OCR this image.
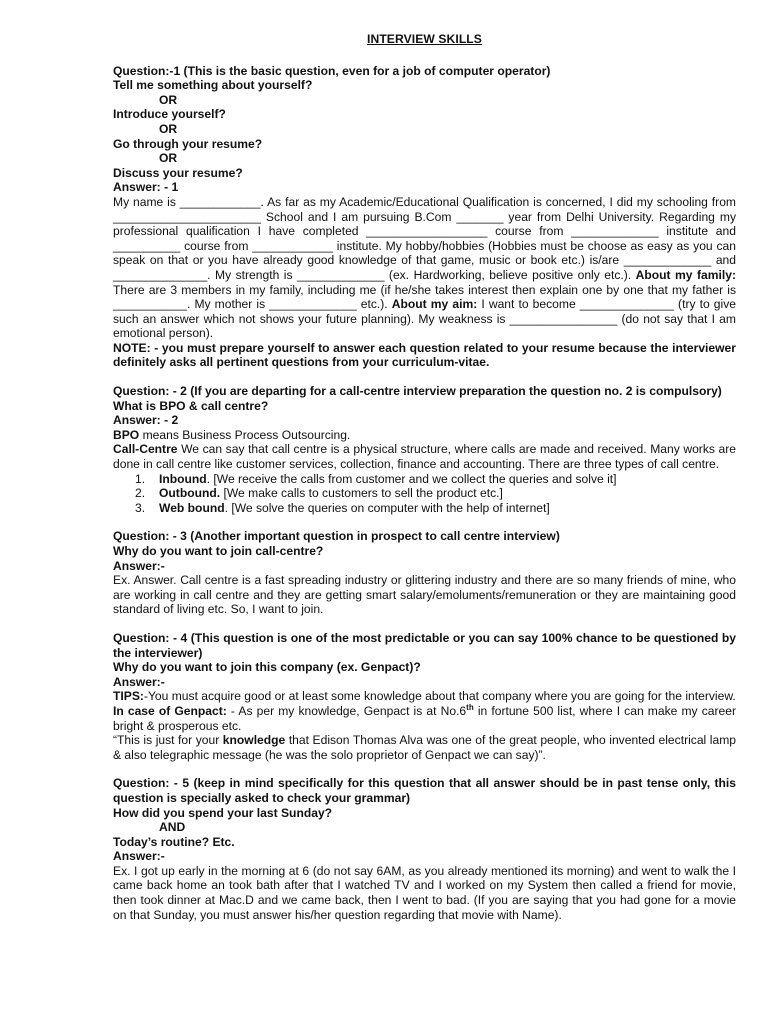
INTERVIEW SKILLS
Question:-1 (This is the basic question, even for a job of computer operator)
Tell me something about yourself?
OR
Introduce yourself?
OR
Go through your resume?
OR
Discuss your resume?
Answer: - 1

My name is ____________. As far as my Academic/Educational Qualification is concerned, I did my schooling from ______________________ School and I am pursuing B.Com _______ year from Delhi University. Regarding my professional qualification I have completed __________________ course from _____________ institute and __________ course from ____________ institute. My hobby/hobbies (Hobbies must be choose as easy as you can speak on that or you have already good knowledge of that game, music or book etc.) is/are _____________ and ______________. My strength is _____________ (ex. Hardworking, believe positive only etc.). About my family: There are 3 members in my family, including me (if he/she takes interest then explain one by one that my father is ___________. My mother is _____________ etc.). About my aim: I want to become ______________ (try to give such an answer which not shows your future planning). My weakness is ________________ (do not say that I am emotional person).

NOTE: - you must prepare yourself to answer each question related to your resume because the interviewer definitely asks all pertinent questions from your curriculum-vitae.

Question: - 2 (If you are departing for a call-centre interview preparation the question no. 2 is compulsory)
What is BPO & call centre?
Answer: - 2

BPO means Business Process Outsourcing.

Call-Centre We can say that call centre is a physical structure, where calls are made and received. Many works are done in call centre like customer services, collection, finance and accounting. There are three types of call centre.

1. Inbound. [We receive the calls from customer and we collect the queries and solve it]
2. Outbound. [We make calls to customers to sell the product etc.]
3. Web bound. [We solve the queries on computer with the help of internet]
Question: - 3 (Another important question in prospect to call centre interview)
Why do you want to join call-centre?
Answer:-

Ex. Answer. Call centre is a fast spreading industry or glittering industry and there are so many friends of mine, who are working in call centre and they are getting smart salary/emoluments/remuneration or they are maintaining good standard of living etc. So, I want to join.

Question: - 4 (This question is one of the most predictable or you can say 100% chance to be questioned by the interviewer)
Why do you want to join this company (ex. Genpact)?
Answer:-

TIPS:-You must acquire good or at least some knowledge about that company where you are going for the interview.

In case of Genpact: - As per my knowledge, Genpact is at No.6th in fortune 500 list, where I can make my career bright & prosperous etc.

“This is just for your knowledge that Edison Thomas Alva was one of the great people, who invented electrical lamp & also telegraphic message (he was the solo proprietor of Genpact we can say)”.

Question: - 5 (keep in mind specifically for this question that all answer should be in past tense only, this question is specially asked to check your grammar)
How did you spend your last Sunday?
AND
Today’s routine? Etc.
Answer:-

Ex. I got up early in the morning at 6 (do not say 6AM, as you already mentioned its morning) and went to walk the I came back home an took bath after that I watched TV and I worked on my System then called a friend for movie, then took dinner at Mac.D and we came back, then I went to bad. (If you are saying that you had gone for a movie on that Sunday, you must answer his/her question regarding that movie with Name).
